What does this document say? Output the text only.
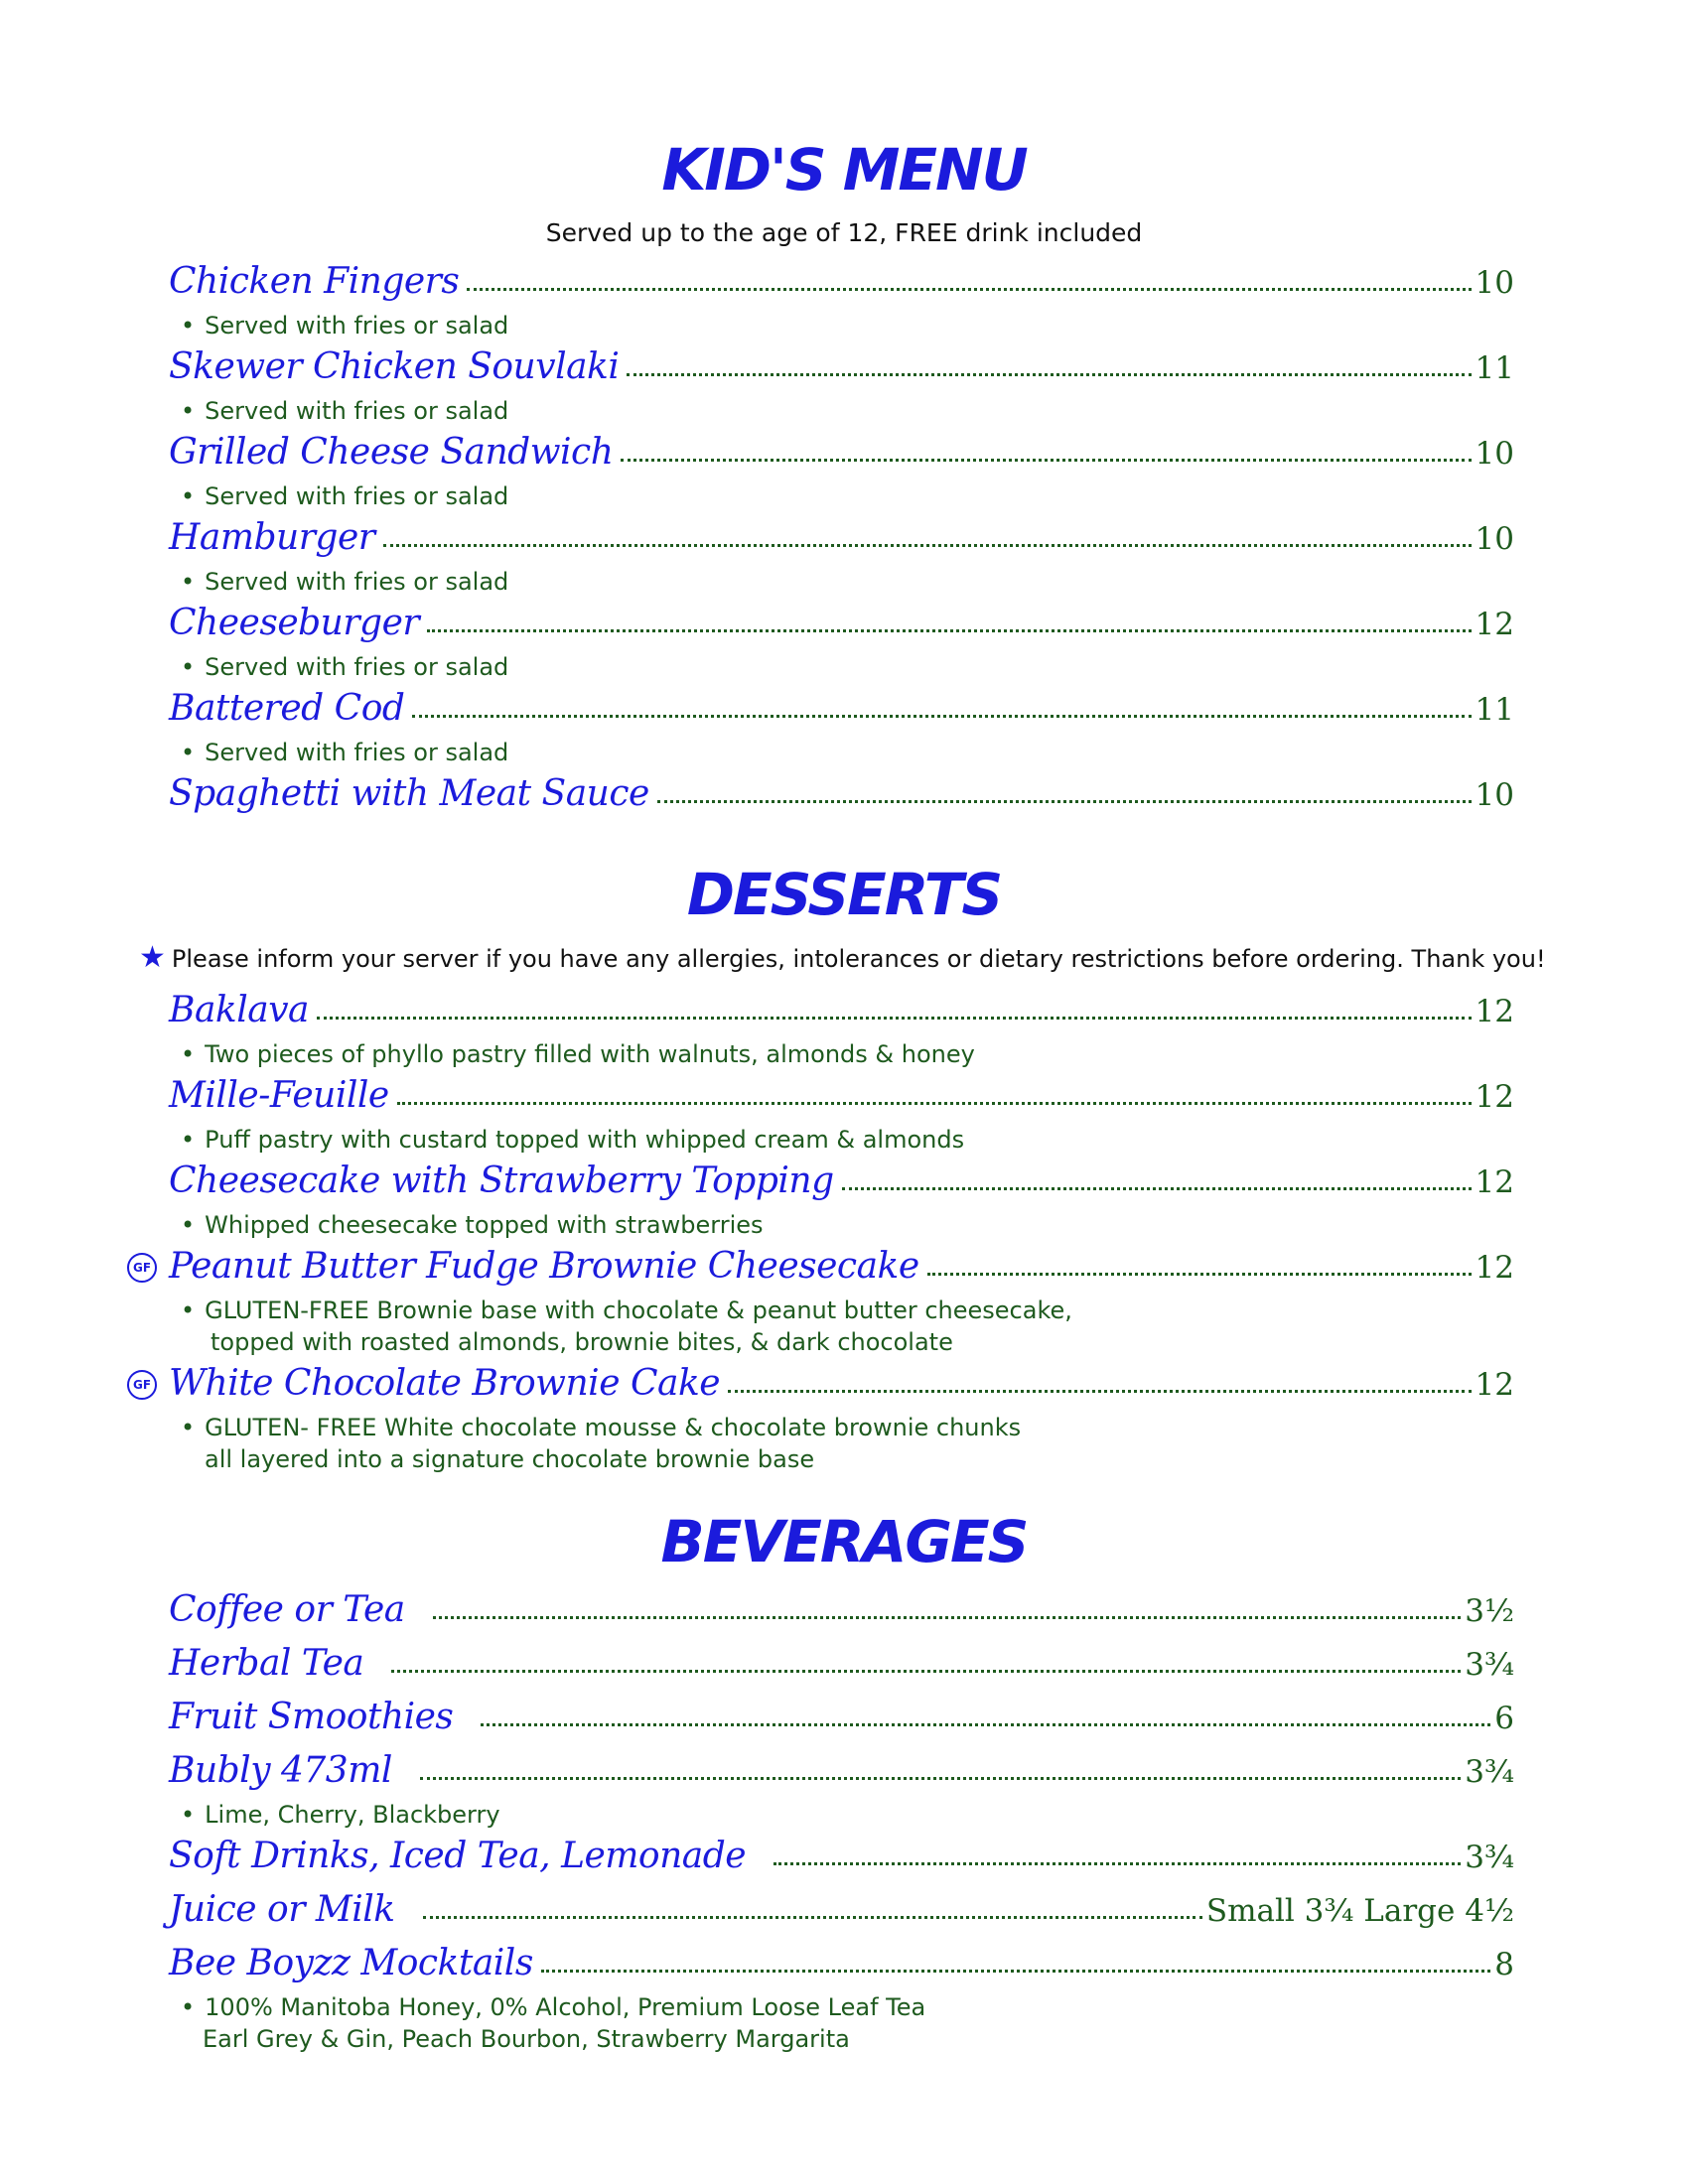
KID'S MENU
Served up to the age of 12, FREE drink included
Chicken Fingers	10
• Served with fries or salad
Skewer Chicken Souvlaki	11
• Served with fries or salad
Grilled Cheese Sandwich	10
• Served with fries or salad
Hamburger	10
• Served with fries or salad
Cheeseburger	12
• Served with fries or salad
Battered Cod	11
• Served with fries or salad
Spaghetti with Meat Sauce	10
DESSERTS
★ Please inform your server if you have any allergies, intolerances or dietary restrictions before ordering. Thank you!
Baklava	12
• Two pieces of phyllo pastry filled with walnuts, almonds & honey
Mille-Feuille	12
• Puff pastry with custard topped with whipped cream & almonds
Cheesecake with Strawberry Topping	12
• Whipped cheesecake topped with strawberries
GF Peanut Butter Fudge Brownie Cheesecake	12
• GLUTEN-FREE Brownie base with chocolate & peanut butter cheesecake,
topped with roasted almonds, brownie bites, & dark chocolate
GF White Chocolate Brownie Cake	12
• GLUTEN- FREE White chocolate mousse & chocolate brownie chunks
all layered into a signature chocolate brownie base
BEVERAGES
Coffee or Tea	3½
Herbal Tea	3¾
Fruit Smoothies	6
Bubly 473ml	3¾
• Lime, Cherry, Blackberry
Soft Drinks, Iced Tea, Lemonade	3¾
Juice or Milk	Small 3¾ Large 4½
Bee Boyzz Mocktails	8
• 100% Manitoba Honey, 0% Alcohol, Premium Loose Leaf Tea
Earl Grey & Gin, Peach Bourbon, Strawberry Margarita
